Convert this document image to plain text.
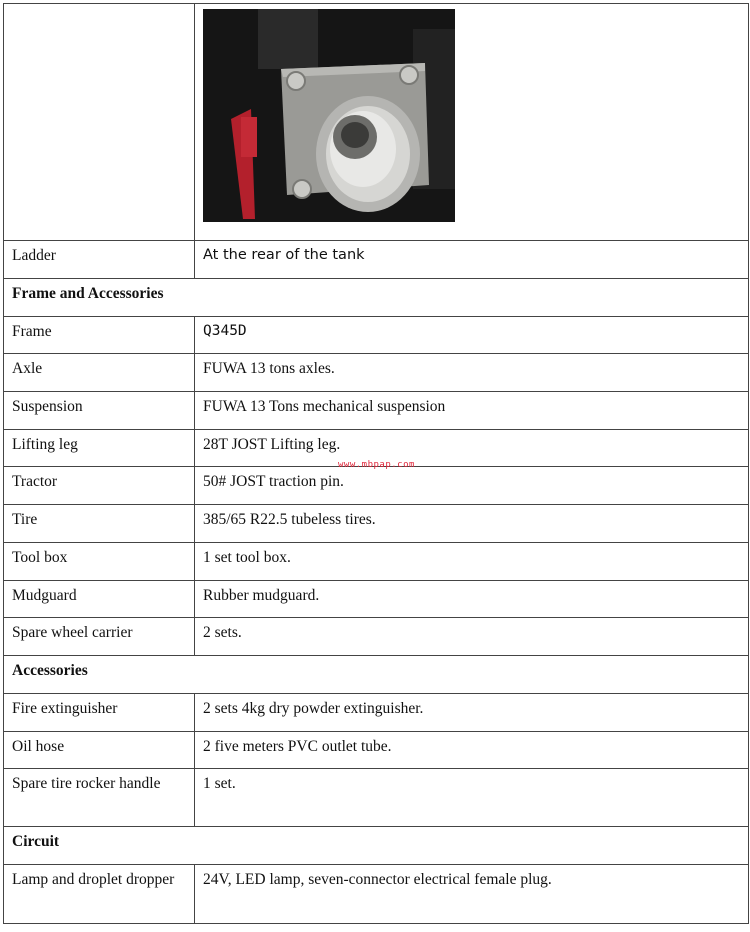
Ladder	At the rear of the tank
Frame and Accessories	
Frame	Q345D
Axle	FUWA 13 tons axles.
Suspension	FUWA 13 Tons mechanical suspension
Lifting leg	28T JOST Lifting leg.
Tractor	50# JOST traction pin.
Tire	385/65 R22.5 tubeless tires.
Tool box	1 set tool box.
Mudguard	Rubber mudguard.
Spare wheel carrier	2 sets.
Accessories	
Fire extinguisher	2 sets 4kg dry powder extinguisher.
Oil hose	2 five meters PVC outlet tube.
Spare tire rocker handle	1 set.
Circuit	
Lamp and droplet dropper	24V, LED lamp, seven-connector electrical female plug.
www.mbpap.com
